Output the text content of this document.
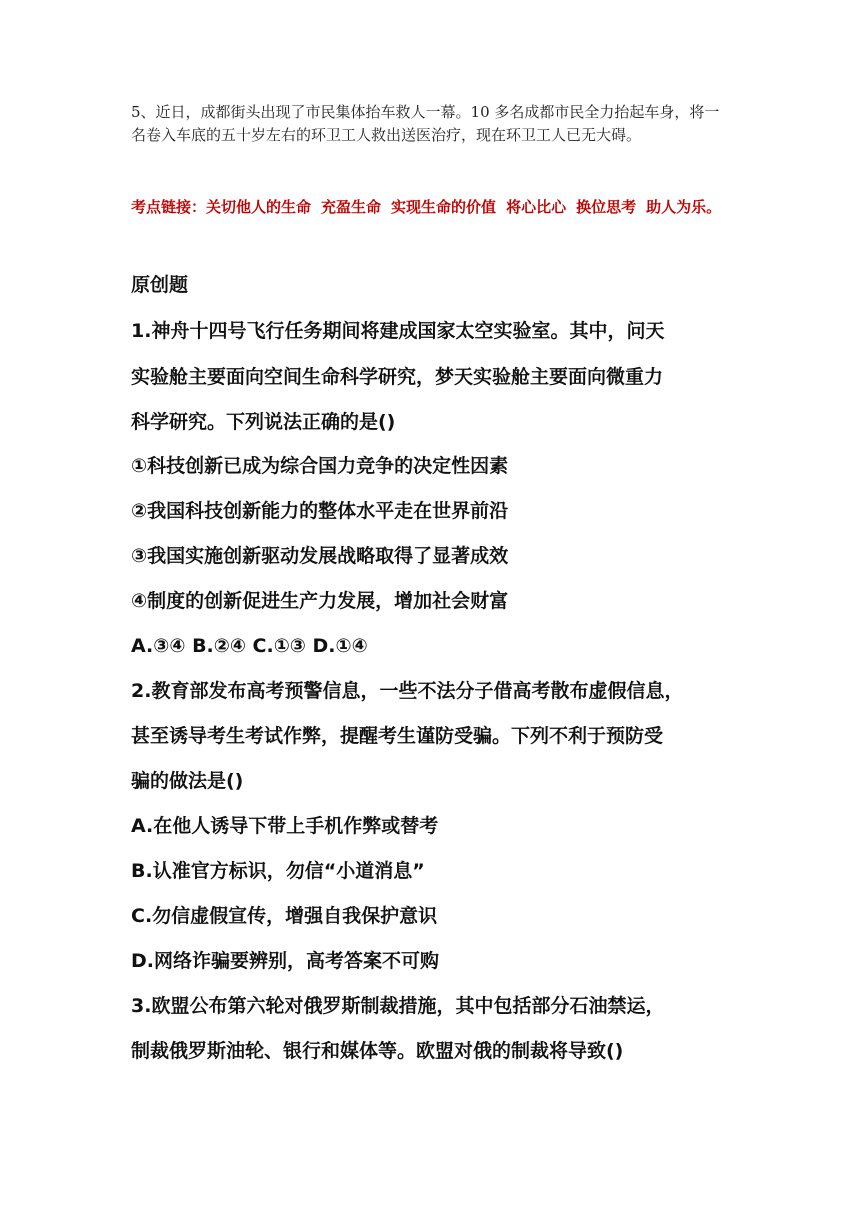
5、近日，成都街头出现了市民集体抬车救人一幕。10 多名成都市民全力抬起车身，将一名卷入车底的五十岁左右的环卫工人救出送医治疗，现在环卫工人已无大碍。

考点链接：关切他人的生命 充盈生命 实现生命的价值 将心比心 换位思考 助人为乐。

原创题

1.神舟十四号飞行任务期间将建成国家太空实验室。其中，问天

实验舱主要面向空间生命科学研究，梦天实验舱主要面向微重力

科学研究。下列说法正确的是()

①科技创新已成为综合国力竞争的决定性因素

②我国科技创新能力的整体水平走在世界前沿

③我国实施创新驱动发展战略取得了显著成效

④制度的创新促进生产力发展，增加社会财富

A.③④ B.②④ C.①③ D.①④

2.教育部发布高考预警信息，一些不法分子借高考散布虚假信息，

甚至诱导考生考试作弊，提醒考生谨防受骗。下列不利于预防受

骗的做法是()

A.在他人诱导下带上手机作弊或替考

B.认准官方标识，勿信“小道消息”

C.勿信虚假宣传，增强自我保护意识

D.网络诈骗要辨别，高考答案不可购

3.欧盟公布第六轮对俄罗斯制裁措施，其中包括部分石油禁运，

制裁俄罗斯油轮、银行和媒体等。欧盟对俄的制裁将导致()
